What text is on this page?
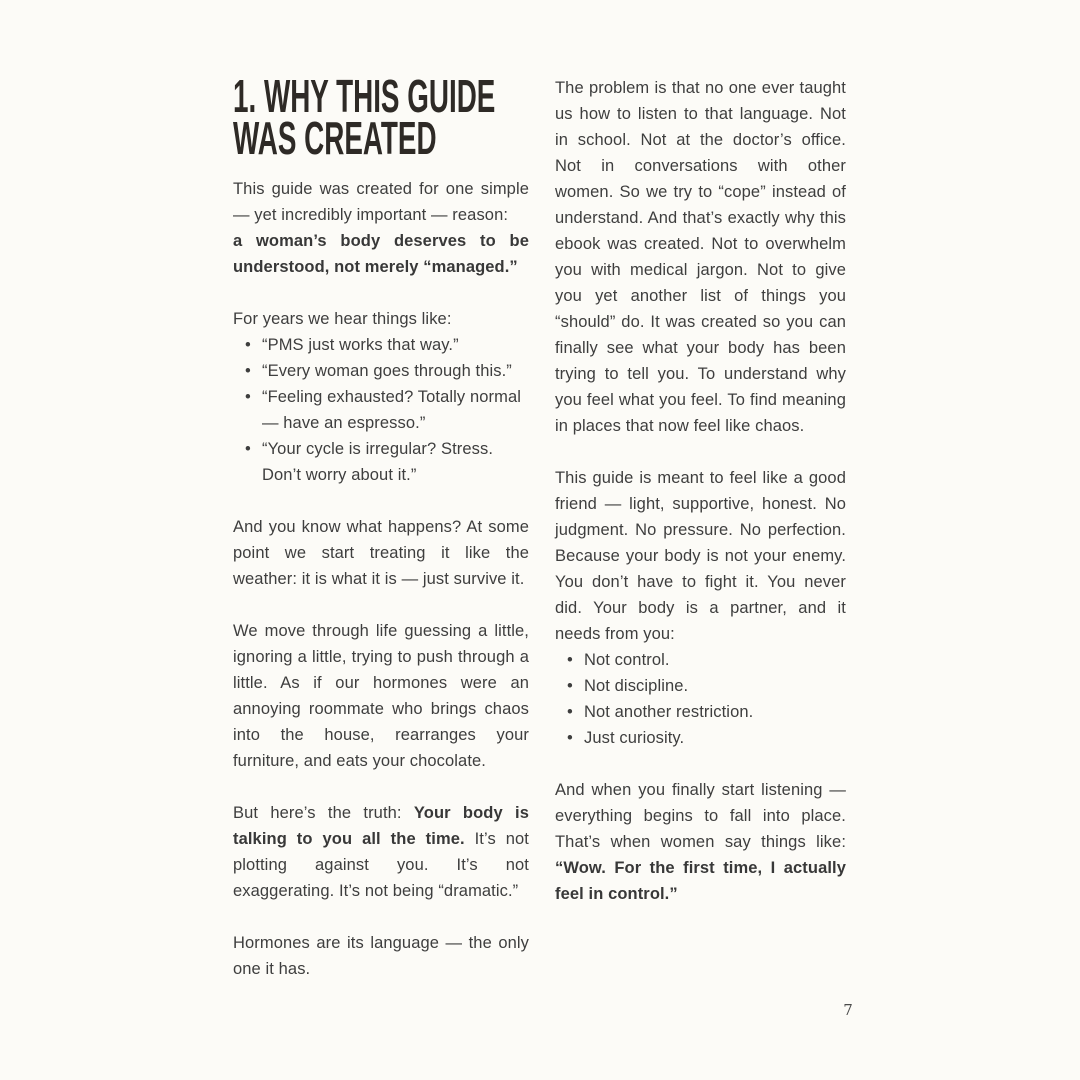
1. WHY THIS GUIDE
WAS CREATED

This guide was created for one simple — yet incredibly important — reason:

a woman’s body deserves to be understood, not merely “managed.”

For years we hear things like:

• “PMS just works that way.”
• “Every woman goes through this.”
• “Feeling exhausted? Totally normal — have an espresso.”
• “Your cycle is irregular? Stress. Don’t worry about it.”

And you know what happens? At some point we start treating it like the weather: it is what it is — just survive it.

We move through life guessing a little, ignoring a little, trying to push through a little. As if our hormones were an annoying roommate who brings chaos into the house, rearranges your furniture, and eats your chocolate.

But here’s the truth: Your body is talking to you all the time. It’s not plotting against you. It’s not exaggerating. It’s not being “dramatic.”

Hormones are its language — the only one it has.

The problem is that no one ever taught us how to listen to that language. Not in school. Not at the doctor’s office. Not in conversations with other women. So we try to “cope” instead of understand. And that’s exactly why this ebook was created. Not to overwhelm you with medical jargon. Not to give you yet another list of things you “should” do. It was created so you can finally see what your body has been trying to tell you. To understand why you feel what you feel. To find meaning in places that now feel like chaos.

This guide is meant to feel like a good friend — light, supportive, honest. No judgment. No pressure. No perfection. Because your body is not your enemy. You don’t have to fight it. You never did. Your body is a partner, and it needs from you:

• Not control.
• Not discipline.
• Not another restriction.
• Just curiosity.

And when you finally start listening — everything begins to fall into place. That’s when women say things like: “Wow. For the first time, I actually feel in control.”

7
